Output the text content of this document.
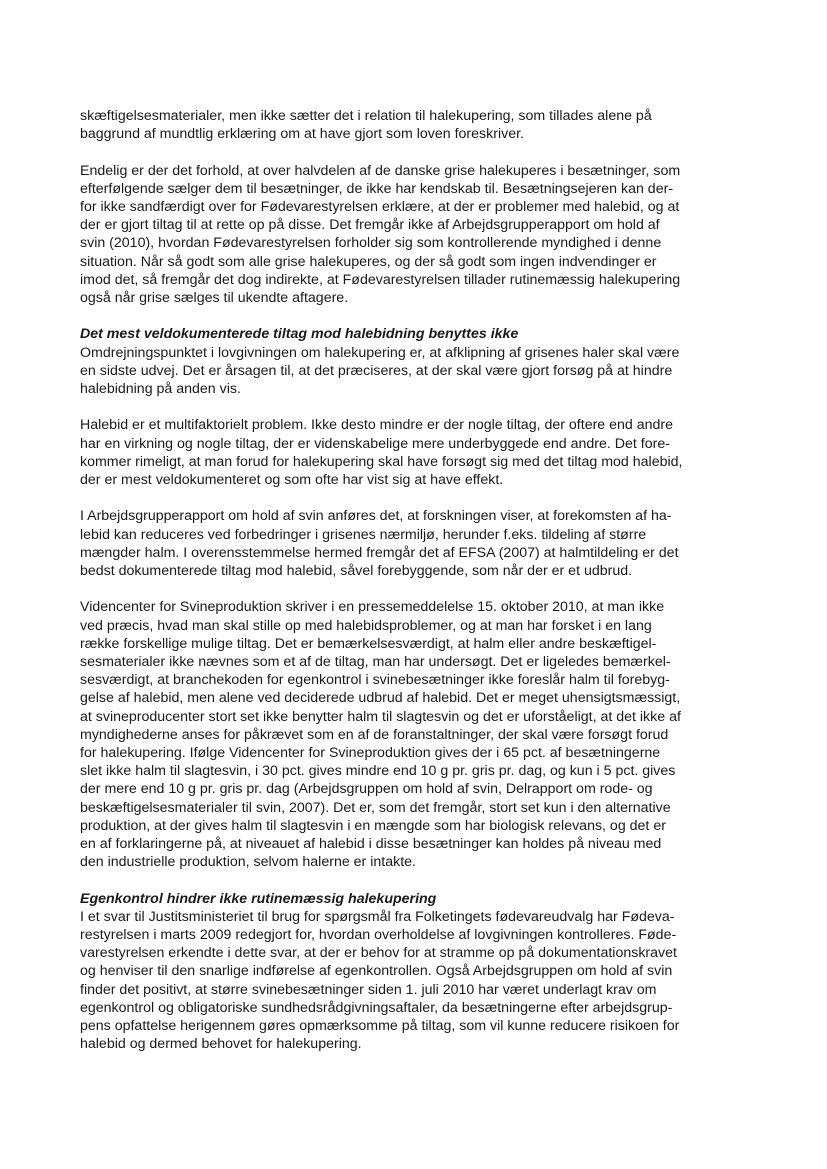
skæftigelsesmaterialer, men ikke sætter det i relation til halekupering, som tillades alene på
baggrund af mundtlig erklæring om at have gjort som loven foreskriver.
Endelig er der det forhold, at over halvdelen af de danske grise halekuperes i besætninger, som
efterfølgende sælger dem til besætninger, de ikke har kendskab til. Besætningsejeren kan der-
for ikke sandfærdigt over for Fødevarestyrelsen erklære, at der er problemer med halebid, og at
der er gjort tiltag til at rette op på disse. Det fremgår ikke af Arbejdsgrupperapport om hold af
svin (2010), hvordan Fødevarestyrelsen forholder sig som kontrollerende myndighed i denne
situation. Når så godt som alle grise halekuperes, og der så godt som ingen indvendinger er
imod det, så fremgår det dog indirekte, at Fødevarestyrelsen tillader rutinemæssig halekupering
også når grise sælges til ukendte aftagere.
Det mest veldokumenterede tiltag mod halebidning benyttes ikke
Omdrejningspunktet i lovgivningen om halekupering er, at afklipning af grisenes haler skal være
en sidste udvej. Det er årsagen til, at det præciseres, at der skal være gjort forsøg på at hindre
halebidning på anden vis.
Halebid er et multifaktorielt problem. Ikke desto mindre er der nogle tiltag, der oftere end andre
har en virkning og nogle tiltag, der er videnskabelige mere underbyggede end andre. Det fore-
kommer rimeligt, at man forud for halekupering skal have forsøgt sig med det tiltag mod halebid,
der er mest veldokumenteret og som ofte har vist sig at have effekt.
I Arbejdsgrupperapport om hold af svin anføres det, at forskningen viser, at forekomsten af ha-
lebid kan reduceres ved forbedringer i grisenes nærmiljø, herunder f.eks. tildeling af større
mængder halm. I overensstemmelse hermed fremgår det af EFSA (2007) at halmtildeling er det
bedst dokumenterede tiltag mod halebid, såvel forebyggende, som når der er et udbrud.
Videncenter for Svineproduktion skriver i en pressemeddelelse 15. oktober 2010, at man ikke
ved præcis, hvad man skal stille op med halebidsproblemer, og at man har forsket i en lang
række forskellige mulige tiltag. Det er bemærkelsesværdigt, at halm eller andre beskæftigel-
sesmaterialer ikke nævnes som et af de tiltag, man har undersøgt. Det er ligeledes bemærkel-
sesværdigt, at branchekoden for egenkontrol i svinebesætninger ikke foreslår halm til forebyg-
gelse af halebid, men alene ved deciderede udbrud af halebid. Det er meget uhensigtsmæssigt,
at svineproducenter stort set ikke benytter halm til slagtesvin og det er uforståeligt, at det ikke af
myndighederne anses for påkrævet som en af de foranstaltninger, der skal være forsøgt forud
for halekupering. Ifølge Videncenter for Svineproduktion gives der i 65 pct. af besætningerne
slet ikke halm til slagtesvin, i 30 pct. gives mindre end 10 g pr. gris pr. dag, og kun i 5 pct. gives
der mere end 10 g pr. gris pr. dag (Arbejdsgruppen om hold af svin, Delrapport om rode- og
beskæftigelsesmaterialer til svin, 2007). Det er, som det fremgår, stort set kun i den alternative
produktion, at der gives halm til slagtesvin i en mængde som har biologisk relevans, og det er
en af forklaringerne på, at niveauet af halebid i disse besætninger kan holdes på niveau med
den industrielle produktion, selvom halerne er intakte.
Egenkontrol hindrer ikke rutinemæssig halekupering
I et svar til Justitsministeriet til brug for spørgsmål fra Folketingets fødevareudvalg har Fødeva-
restyrelsen i marts 2009 redegjort for, hvordan overholdelse af lovgivningen kontrolleres. Føde-
varestyrelsen erkendte i dette svar, at der er behov for at stramme op på dokumentationskravet
og henviser til den snarlige indførelse af egenkontrollen. Også Arbejdsgruppen om hold af svin
finder det positivt, at større svinebesætninger siden 1. juli 2010 har været underlagt krav om
egenkontrol og obligatoriske sundhedsrådgivningsaftaler, da besætningerne efter arbejdsgrup-
pens opfattelse herigennem gøres opmærksomme på tiltag, som vil kunne reducere risikoen for
halebid og dermed behovet for halekupering.
